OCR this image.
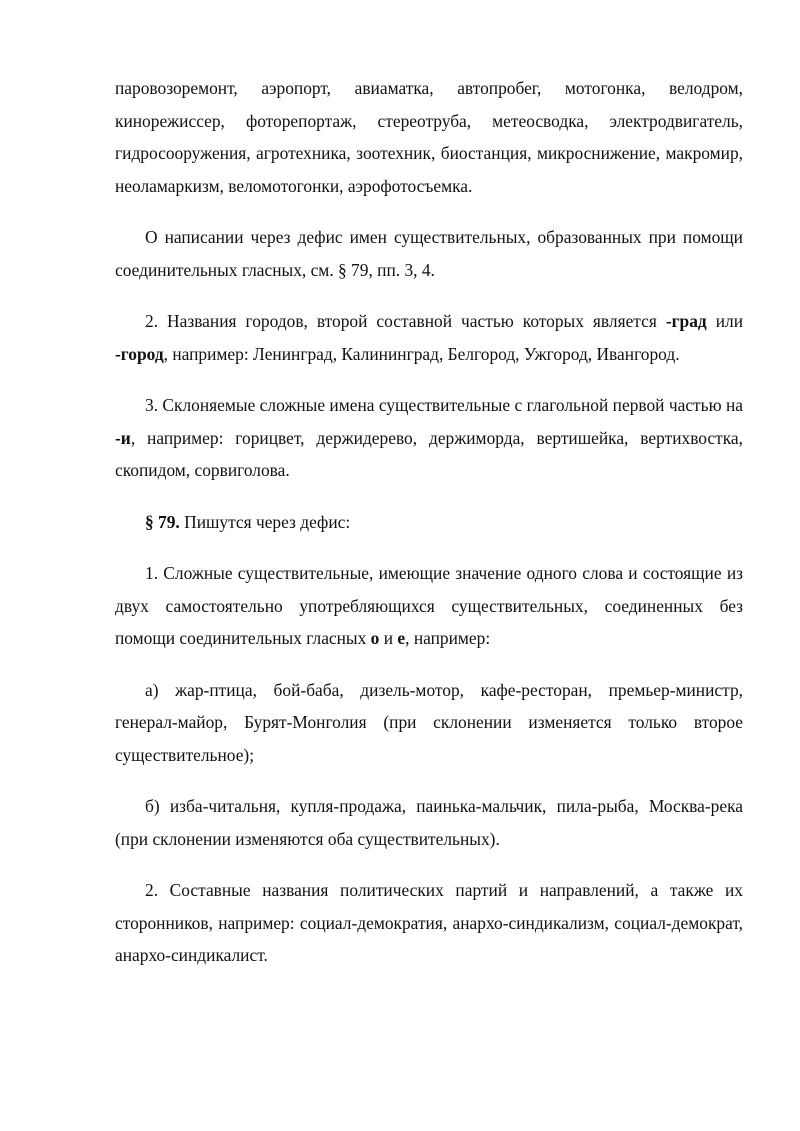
паровозоремонт, аэропорт, авиаматка, автопробег, мотогонка, велодром, кинорежиссер, фоторепортаж, стереотруба, метеосводка, электродвигатель, гидросооружения, агротехника, зоотехник, биостанция, микроснижение, макромир, неоламаркизм, веломотогонки, аэрофотосъемка.

О написании через дефис имен существительных, образованных при помощи соединительных гласных, см. § 79, пп. 3, 4.

2. Названия городов, второй составной частью которых является -град или -город, например: Ленинград, Калининград, Белгород, Ужгород, Ивангород.

3. Склоняемые сложные имена существительные с глагольной первой частью на -и, например: горицвет, держидерево, держиморда, вертишейка, вертихвостка, скопидом, сорвиголова.

§ 79. Пишутся через дефис:

1. Сложные существительные, имеющие значение одного слова и состоящие из двух самостоятельно употребляющихся существительных, соединенных без помощи соединительных гласных о и е, например:

а) жар-птица, бой-баба, дизель-мотор, кафе-ресторан, премьер-министр, генерал-майор, Бурят-Монголия (при склонении изменяется только второе существительное);

б) изба-читальня, купля-продажа, паинька-мальчик, пила-рыба, Москва-река (при склонении изменяются оба существительных).

2. Составные названия политических партий и направлений, а также их сторонников, например: социал-демократия, анархо-синдикализм, социал-демократ, анархо-синдикалист.
